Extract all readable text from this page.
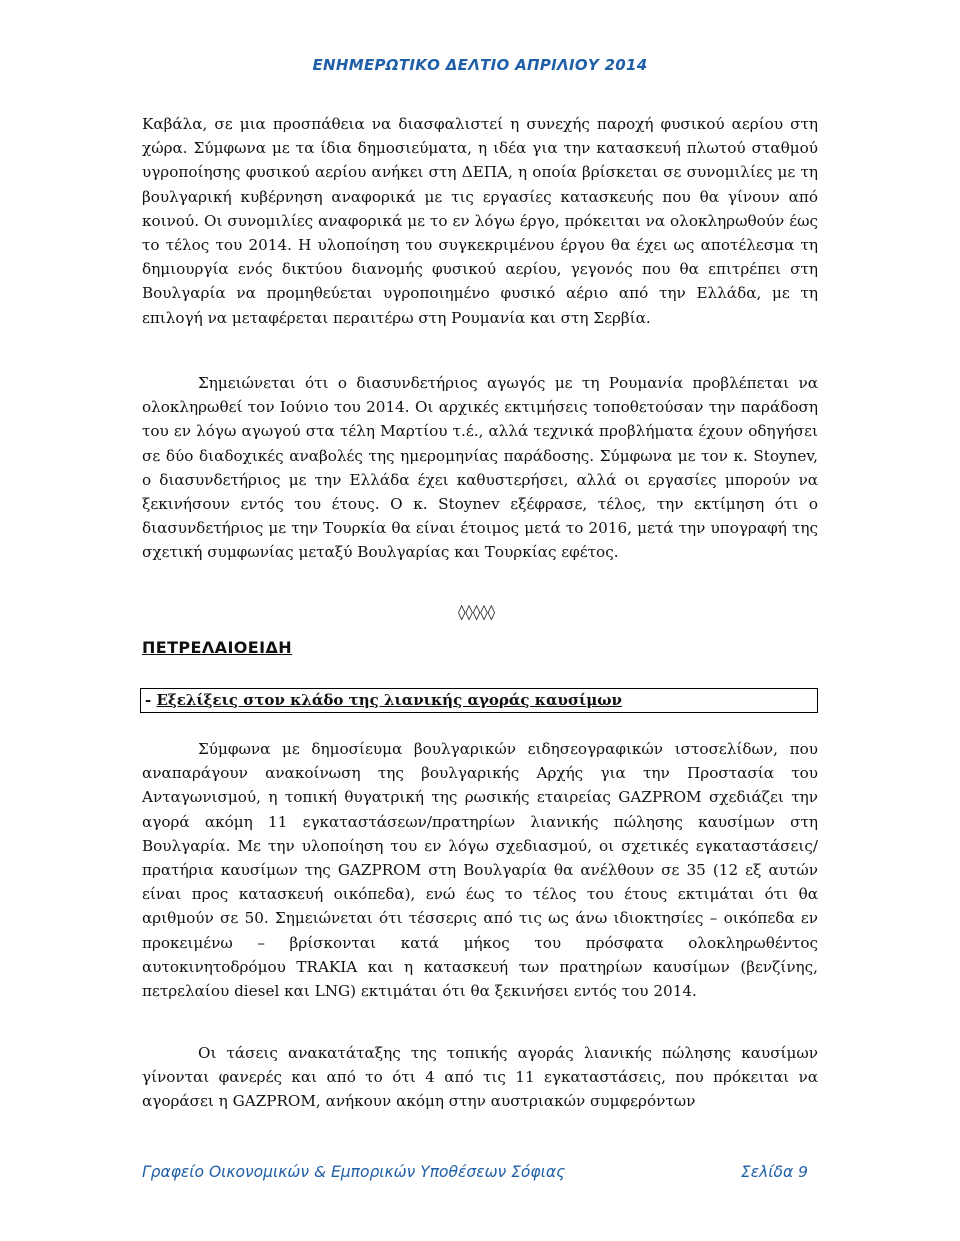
ΕΝΗΜΕΡΩΤΙΚΟ ΔΕΛΤΙΟ ΑΠΡΙΛΙΟΥ 2014

Καβάλα, σε μια προσπάθεια να διασφαλιστεί η συνεχής παροχή φυσικού αερίου στη χώρα. Σύμφωνα με τα ίδια δημοσιεύματα, η ιδέα για την κατασκευή πλωτού σταθμού υγροποίησης φυσικού αερίου ανήκει στη ΔΕΠΑ, η οποία βρίσκεται σε συνομιλίες με τη βουλγαρική κυβέρνηση αναφορικά με τις εργασίες κατασκευής που θα γίνουν από κοινού. Οι συνομιλίες αναφορικά με το εν λόγω έργο, πρόκειται να ολοκληρωθούν έως το τέλος του 2014. Η υλοποίηση του συγκεκριμένου έργου θα έχει ως αποτέλεσμα τη δημιουργία ενός δικτύου διανομής φυσικού αερίου, γεγονός που θα επιτρέπει στη Βουλγαρία να προμηθεύεται υγροποιημένο φυσικό αέριο από την Ελλάδα, με τη επιλογή να μεταφέρεται περαιτέρω στη Ρουμανία και στη Σερβία.

Σημειώνεται ότι ο διασυνδετήριος αγωγός με τη Ρουμανία προβλέπεται να ολοκληρωθεί τον Ιούνιο του 2014. Οι αρχικές εκτιμήσεις τοποθετούσαν την παράδοση του εν λόγω αγωγού στα τέλη Μαρτίου τ.έ., αλλά τεχνικά προβλήματα έχουν οδηγήσει σε δύο διαδοχικές αναβολές της ημερομηνίας παράδοσης. Σύμφωνα με τον κ. Stoynev, ο διασυνδετήριος με την Ελλάδα έχει καθυστερήσει, αλλά οι εργασίες μπορούν να ξεκινήσουν εντός του έτους. Ο κ. Stoynev εξέφρασε, τέλος, την εκτίμηση ότι ο διασυνδετήριος με την Τουρκία θα είναι έτοιμος μετά το 2016, μετά την υπογραφή της σχετική συμφωνίας μεταξύ Βουλγαρίας και Τουρκίας εφέτος.

◊◊◊◊◊
ΠΕΤΡΕΛΑΙΟΕΙΔΗ
- Εξελίξεις στον κλάδο της λιανικής αγοράς καυσίμων

Σύμφωνα με δημοσίευμα βουλγαρικών ειδησεογραφικών ιστοσελίδων, που αναπαράγουν ανακοίνωση της βουλγαρικής Αρχής για την Προστασία του Ανταγωνισμού, η τοπική θυγατρική της ρωσικής εταιρείας GAZPROM σχεδιάζει την αγορά ακόμη 11 εγκαταστάσεων/πρατηρίων λιανικής πώλησης καυσίμων στη Βουλγαρία. Με την υλοποίηση του εν λόγω σχεδιασμού, οι σχετικές εγκαταστάσεις/πρατήρια καυσίμων της GAZPROM στη Βουλγαρία θα ανέλθουν σε 35 (12 εξ αυτών είναι προς κατασκευή οικόπεδα), ενώ έως το τέλος του έτους εκτιμάται ότι θα αριθμούν σε 50. Σημειώνεται ότι τέσσερις από τις ως άνω ιδιοκτησίες – οικόπεδα εν προκειμένω – βρίσκονται κατά μήκος του πρόσφατα ολοκληρωθέντος αυτοκινητοδρόμου TRAKIA και η κατασκευή των πρατηρίων καυσίμων (βενζίνης, πετρελαίου diesel και LNG) εκτιμάται ότι θα ξεκινήσει εντός του 2014.

Οι τάσεις ανακατάταξης της τοπικής αγοράς λιανικής πώλησης καυσίμων γίνονται φανερές και από το ότι 4 από τις 11 εγκαταστάσεις, που πρόκειται να αγοράσει η GAZPROM, ανήκουν ακόμη στην αυστριακών συμφερόντων

Γραφείο Οικονομικών & Εμπορικών Υποθέσεων Σόφιας	Σελίδα 9
